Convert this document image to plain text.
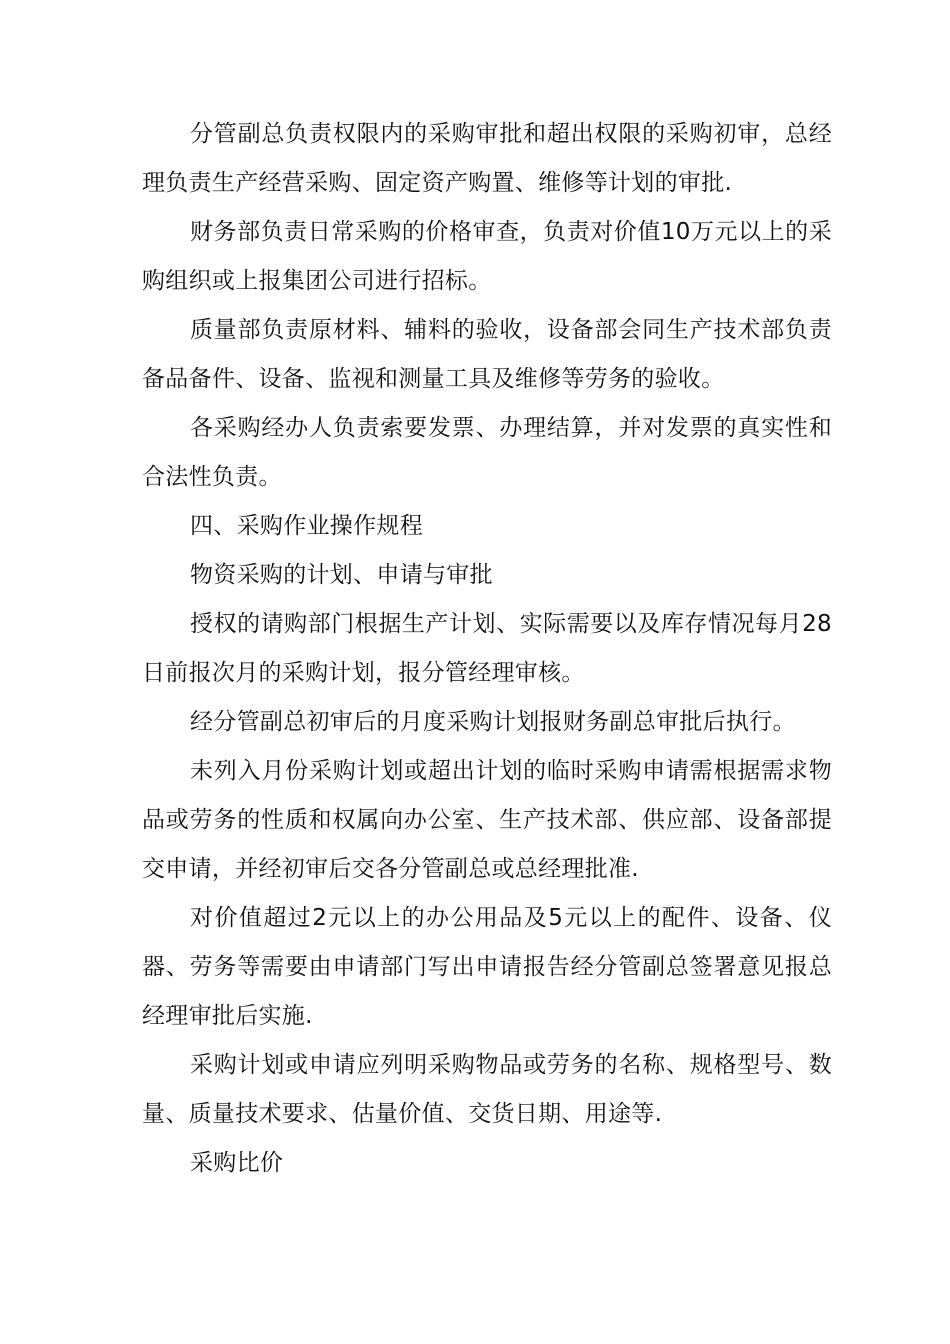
分管副总负责权限内的采购审批和超出权限的采购初审，总经理负责生产经营采购、固定资产购置、维修等计划的审批.

财务部负责日常采购的价格审查，负责对价值10万元以上的采购组织或上报集团公司进行招标。

质量部负责原材料、辅料的验收，设备部会同生产技术部负责备品备件、设备、监视和测量工具及维修等劳务的验收。

各采购经办人负责索要发票、办理结算，并对发票的真实性和合法性负责。

四、采购作业操作规程

物资采购的计划、申请与审批

授权的请购部门根据生产计划、实际需要以及库存情况每月28日前报次月的采购计划，报分管经理审核。

经分管副总初审后的月度采购计划报财务副总审批后执行。

未列入月份采购计划或超出计划的临时采购申请需根据需求物品或劳务的性质和权属向办公室、生产技术部、供应部、设备部提交申请，并经初审后交各分管副总或总经理批准.

对价值超过2元以上的办公用品及5元以上的配件、设备、仪器、劳务等需要由申请部门写出申请报告经分管副总签署意见报总经理审批后实施.

采购计划或申请应列明采购物品或劳务的名称、规格型号、数量、质量技术要求、估量价值、交货日期、用途等.

采购比价
